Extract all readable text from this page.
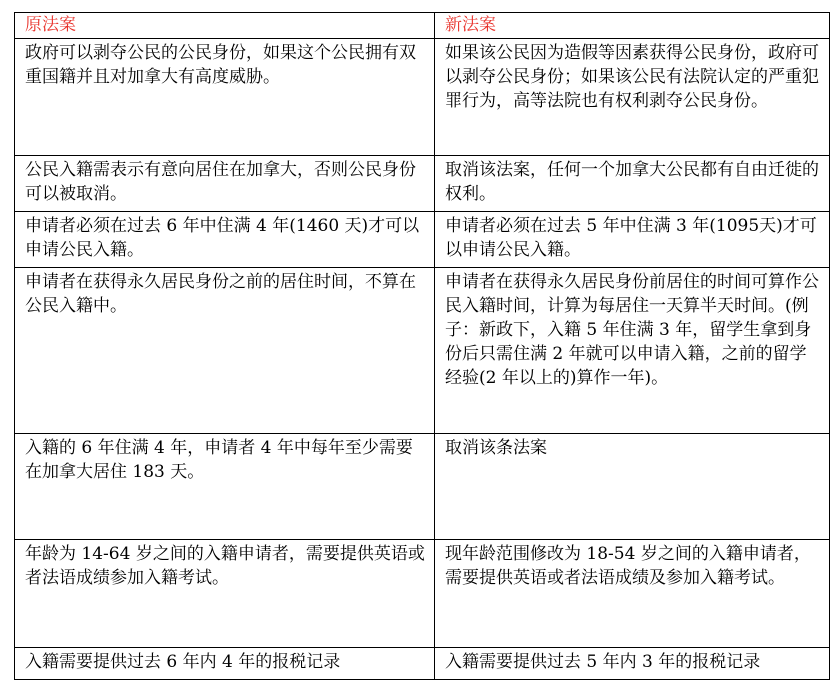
原法案	新法案

政府可以剥夺公民的公民身份，如果这个公民拥有双重国籍并且对加拿大有高度威胁。	如果该公民因为造假等因素获得公民身份，政府可以剥夺公民身份；如果该公民有法院认定的严重犯罪行为，高等法院也有权利剥夺公民身份。
公民入籍需表示有意向居住在加拿大，否则公民身份可以被取消。	取消该法案，任何一个加拿大公民都有自由迁徙的权利。
申请者必须在过去 6 年中住满 4 年(1460 天)才可以申请公民入籍。	申请者必须在过去 5 年中住满 3 年(1095天)才可以申请公民入籍。
申请者在获得永久居民身份之前的居住时间，不算在公民入籍中。	申请者在获得永久居民身份前居住的时间可算作公民入籍时间，计算为每居住一天算半天时间。(例子：新政下，入籍 5 年住满 3 年，留学生拿到身份后只需住满 2 年就可以申请入籍，之前的留学经验(2 年以上的)算作一年)。
入籍的 6 年住满 4 年，申请者 4 年中每年至少需要在加拿大居住 183 天。	取消该条法案
年龄为 14-64 岁之间的入籍申请者，需要提供英语或者法语成绩参加入籍考试。	现年龄范围修改为 18-54 岁之间的入籍申请者，需要提供英语或者法语成绩及参加入籍考试。
入籍需要提供过去 6 年内 4 年的报税记录	入籍需要提供过去 5 年内 3 年的报税记录
